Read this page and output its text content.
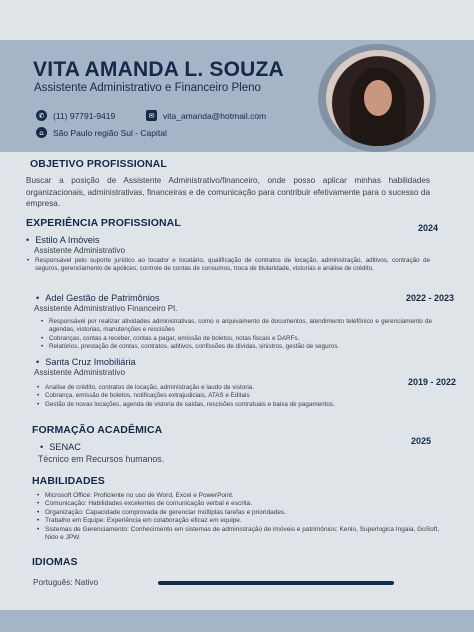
VITA AMANDA L. SOUZA
Assistente Administrativo e Financeiro Pleno
✆	(11) 97791-9419	✉	vita_amanda@hotmail.com
⌂	São Paulo região Sul - Capital
OBJETIVO PROFISSIONAL
Buscar a posição de Assistente Administrativo/financeiro, onde posso aplicar minhas habilidades organizacionais, administrativas, financeiras e de comunicação para contribuir efetivamente para o sucesso da empresa.
EXPERIÊNCIA PROFISSIONAL
• Estilo A Imóveis
2024
Assistente Administrativo
• Responsável pelo suporte jurídico ao locador e locatário, qualificação de contratos de locação, administração, aditivos, contração de seguros, gerenciamento de apólices, controle de contas de consumos, troca de titularidade, vistorias e análise de crédito.
• Adel Gestão de Patrimônios	2022 - 2023
Assistente Administrativo Financeiro Pl.
• Responsável por realizar atividades administrativas, como o arquivamento de documentos, atendimento telefônico e gerenciamento de agendas, vistorias, manutenções e rescisões
• Cobranças, contas a receber, contas a pagar, emissão de boletos, notas fiscais e DARFs.
• Relatórios, prestação de contas, contratos, aditivos, confissões de dívidas, sinistros, gestão de seguros.
• Santa Cruz Imobiliária
Assistente Administrativo
2019 - 2022
• Analise de crédito, contratos de locação, administração e laudo de vistoria.
• Cobrança, emissão de boletos, notificações extrajudiciais, ATAS e Editais
• Gestão de novas locações, agenda de vistoria de saídas, rescisões contratuais e baixa de pagamentos.
FORMAÇÃO ACADÊMICA
• SENAC
Técnico em Recursos humanos.
2025
HABILIDADES
• Microsoft Office: Proficiente no uso de Word, Excel e PowerPoint.
• Comunicação: Habilidades excelentes de comunicação verbal e escrita.
• Organização: Capacidade comprovada de gerenciar múltiplas tarefas e prioridades.
• Trabalho em Equipe: Experiência em colaboração eficaz em equipe.
• Sistemas de Gerenciamento: Conhecimento em sistemas de administração de imóveis e patrimônios: Kenlo, Superlogica Ingaia, GoSoft, Nido e JPW.
IDIOMAS
Português: Nativo
